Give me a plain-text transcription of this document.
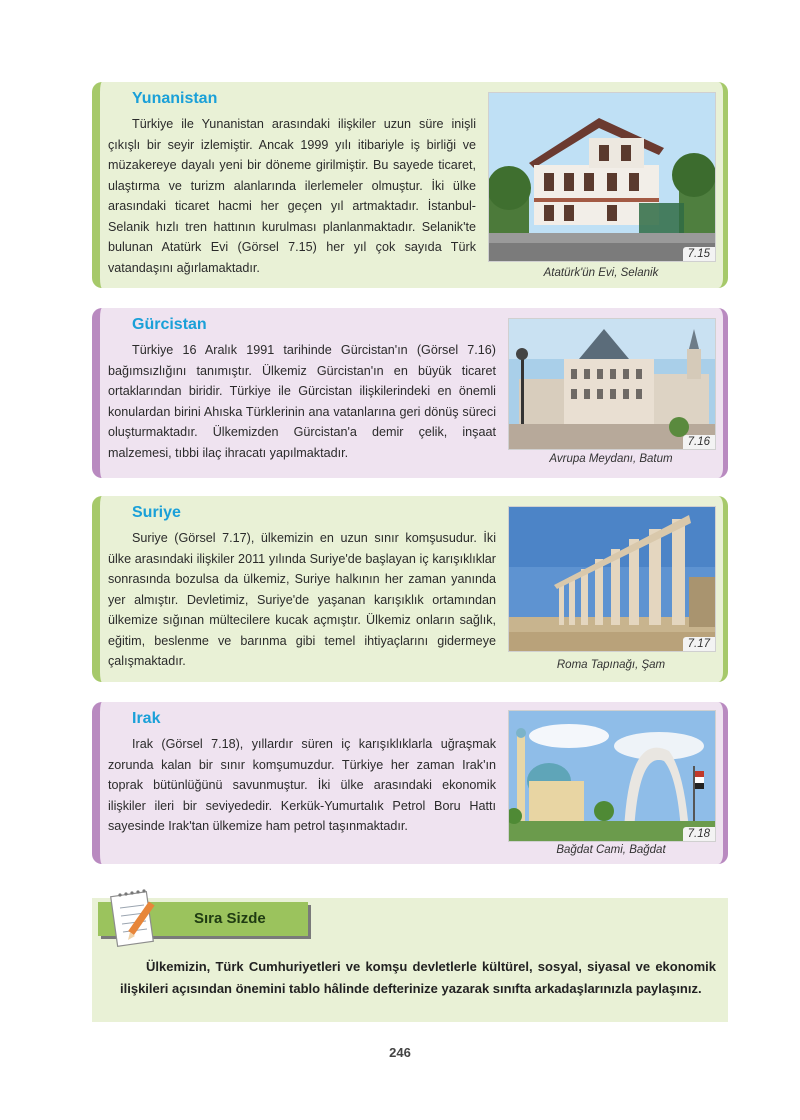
Yunanistan

Türkiye ile Yunanistan arasındaki ilişkiler uzun süre inişli çıkışlı bir seyir izlemiştir. Ancak 1999 yılı itibariyle iş birliği ve müzakereye dayalı yeni bir döneme girilmiştir. Bu sayede ticaret, ulaştırma ve turizm alanlarında ilerlemeler olmuştur. İki ülke arasındaki ticaret hacmi her geçen yıl artmaktadır. İstanbul-Selanik hızlı tren hattının kurulması planlanmaktadır. Selanik'te bulunan Atatürk Evi (Görsel 7.15) her yıl çok sayıda Türk vatandaşını ağırlamaktadır.

7.15
Atatürk'ün Evi, Selanik
Gürcistan

Türkiye 16 Aralık 1991 tarihinde Gürcistan'ın (Görsel 7.16) bağımsızlığını tanımıştır. Ülkemiz Gürcistan'ın en büyük ticaret ortaklarından biridir. Türkiye ile Gürcistan ilişkilerindeki en önemli konulardan birini Ahıska Türklerinin ana vatanlarına geri dönüş süreci oluşturmaktadır. Ülkemizden Gürcistan'a demir çelik, inşaat malzemesi, tıbbi ilaç ihracatı yapılmaktadır.

7.16
Avrupa Meydanı, Batum
Suriye

Suriye (Görsel 7.17), ülkemizin en uzun sınır komşusudur. İki ülke arasındaki ilişkiler 2011 yılında Suriye'de başlayan iç karışıklıklar sonrasında bozulsa da ülkemiz, Suriye halkının her zaman yanında yer almıştır. Devletimiz, Suriye'de yaşanan karışıklık ortamından ülkemize sığınan mültecilere kucak açmıştır. Ülkemiz onların sağlık, eğitim, beslenme ve barınma gibi temel ihtiyaçlarını gidermeye çalışmaktadır.

7.17
Roma Tapınağı, Şam
Irak

Irak (Görsel 7.18), yıllardır süren iç karışıklıklarla uğraşmak zorunda kalan bir sınır komşumuzdur. Türkiye her zaman Irak'ın toprak bütünlüğünü savunmuştur. İki ülke arasındaki ekonomik ilişkiler ileri bir seviyededir. Kerkük-Yumurtalık Petrol Boru Hattı sayesinde Irak'tan ülkemize ham petrol taşınmaktadır.

7.18
Bağdat Cami, Bağdat
Sıra Sizde

Ülkemizin, Türk Cumhuriyetleri ve komşu devletlerle kültürel, sosyal, siyasal ve ekonomik ilişkileri açısından önemini tablo hâlinde defterinize yazarak sınıfta arkadaşlarınızla paylaşınız.

246
